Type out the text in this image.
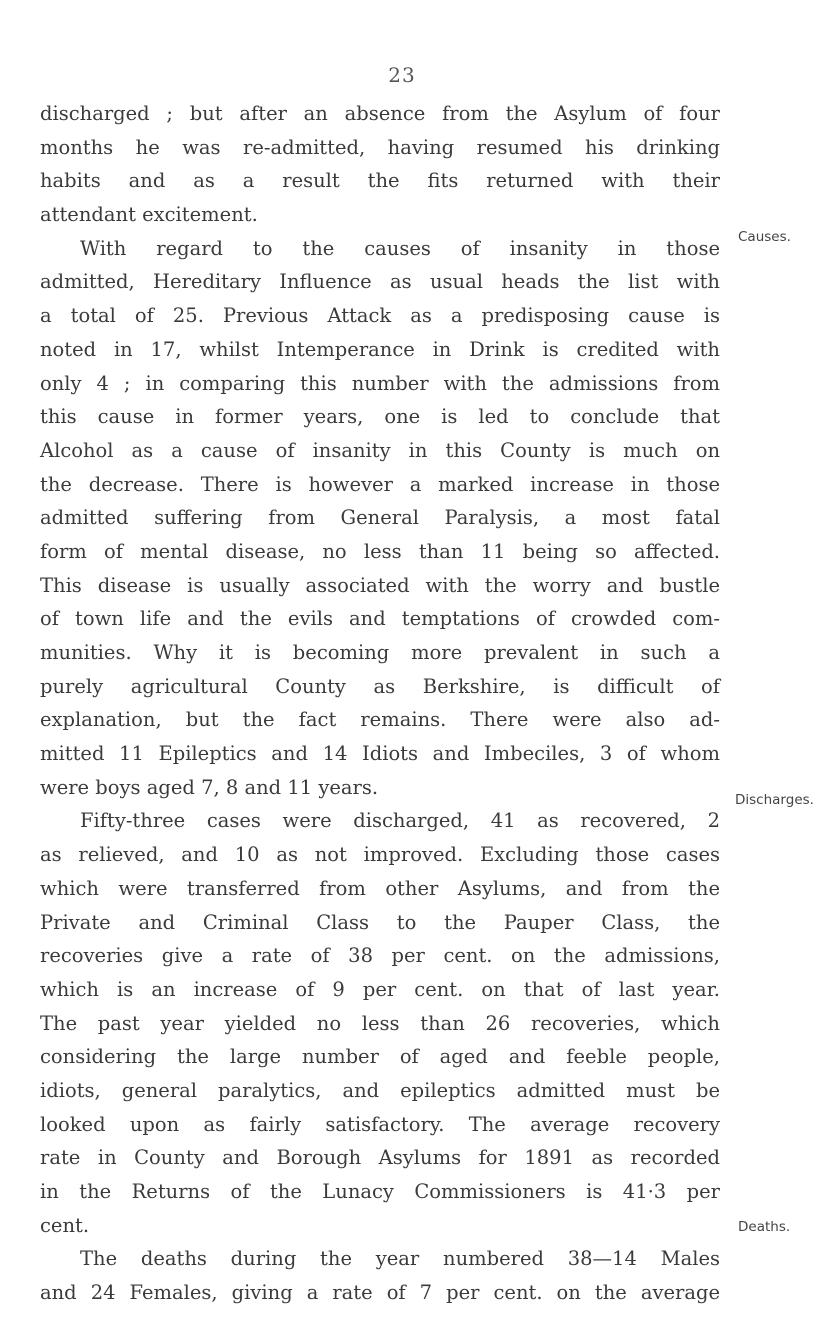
23
discharged ; but after an absence from the Asylum of four
months he was re-admitted, having resumed his drinking
habits and as a result the fits returned with their
attendant excitement.
With regard to the causes of insanity in those
admitted, Hereditary Influence as usual heads the list with
a total of 25. Previous Attack as a predisposing cause is
noted in 17, whilst Intemperance in Drink is credited with
only 4 ; in comparing this number with the admissions from
this cause in former years, one is led to conclude that
Alcohol as a cause of insanity in this County is much on
the decrease. There is however a marked increase in those
admitted suffering from General Paralysis, a most fatal
form of mental disease, no less than 11 being so affected.
This disease is usually associated with the worry and bustle
of town life and the evils and temptations of crowded com-
munities. Why it is becoming more prevalent in such a
purely agricultural County as Berkshire, is difficult of
explanation, but the fact remains. There were also ad-
mitted 11 Epileptics and 14 Idiots and Imbeciles, 3 of whom
were boys aged 7, 8 and 11 years.
Fifty-three cases were discharged, 41 as recovered, 2
as relieved, and 10 as not improved. Excluding those cases
which were transferred from other Asylums, and from the
Private and Criminal Class to the Pauper Class, the
recoveries give a rate of 38 per cent. on the admissions,
which is an increase of 9 per cent. on that of last year.
The past year yielded no less than 26 recoveries, which
considering the large number of aged and feeble people,
idiots, general paralytics, and epileptics admitted must be
looked upon as fairly satisfactory. The average recovery
rate in County and Borough Asylums for 1891 as recorded
in the Returns of the Lunacy Commissioners is 41·3 per
cent.
The deaths during the year numbered 38—14 Males
and 24 Females, giving a rate of 7 per cent. on the average
Causes.
Discharges.
Deaths.
